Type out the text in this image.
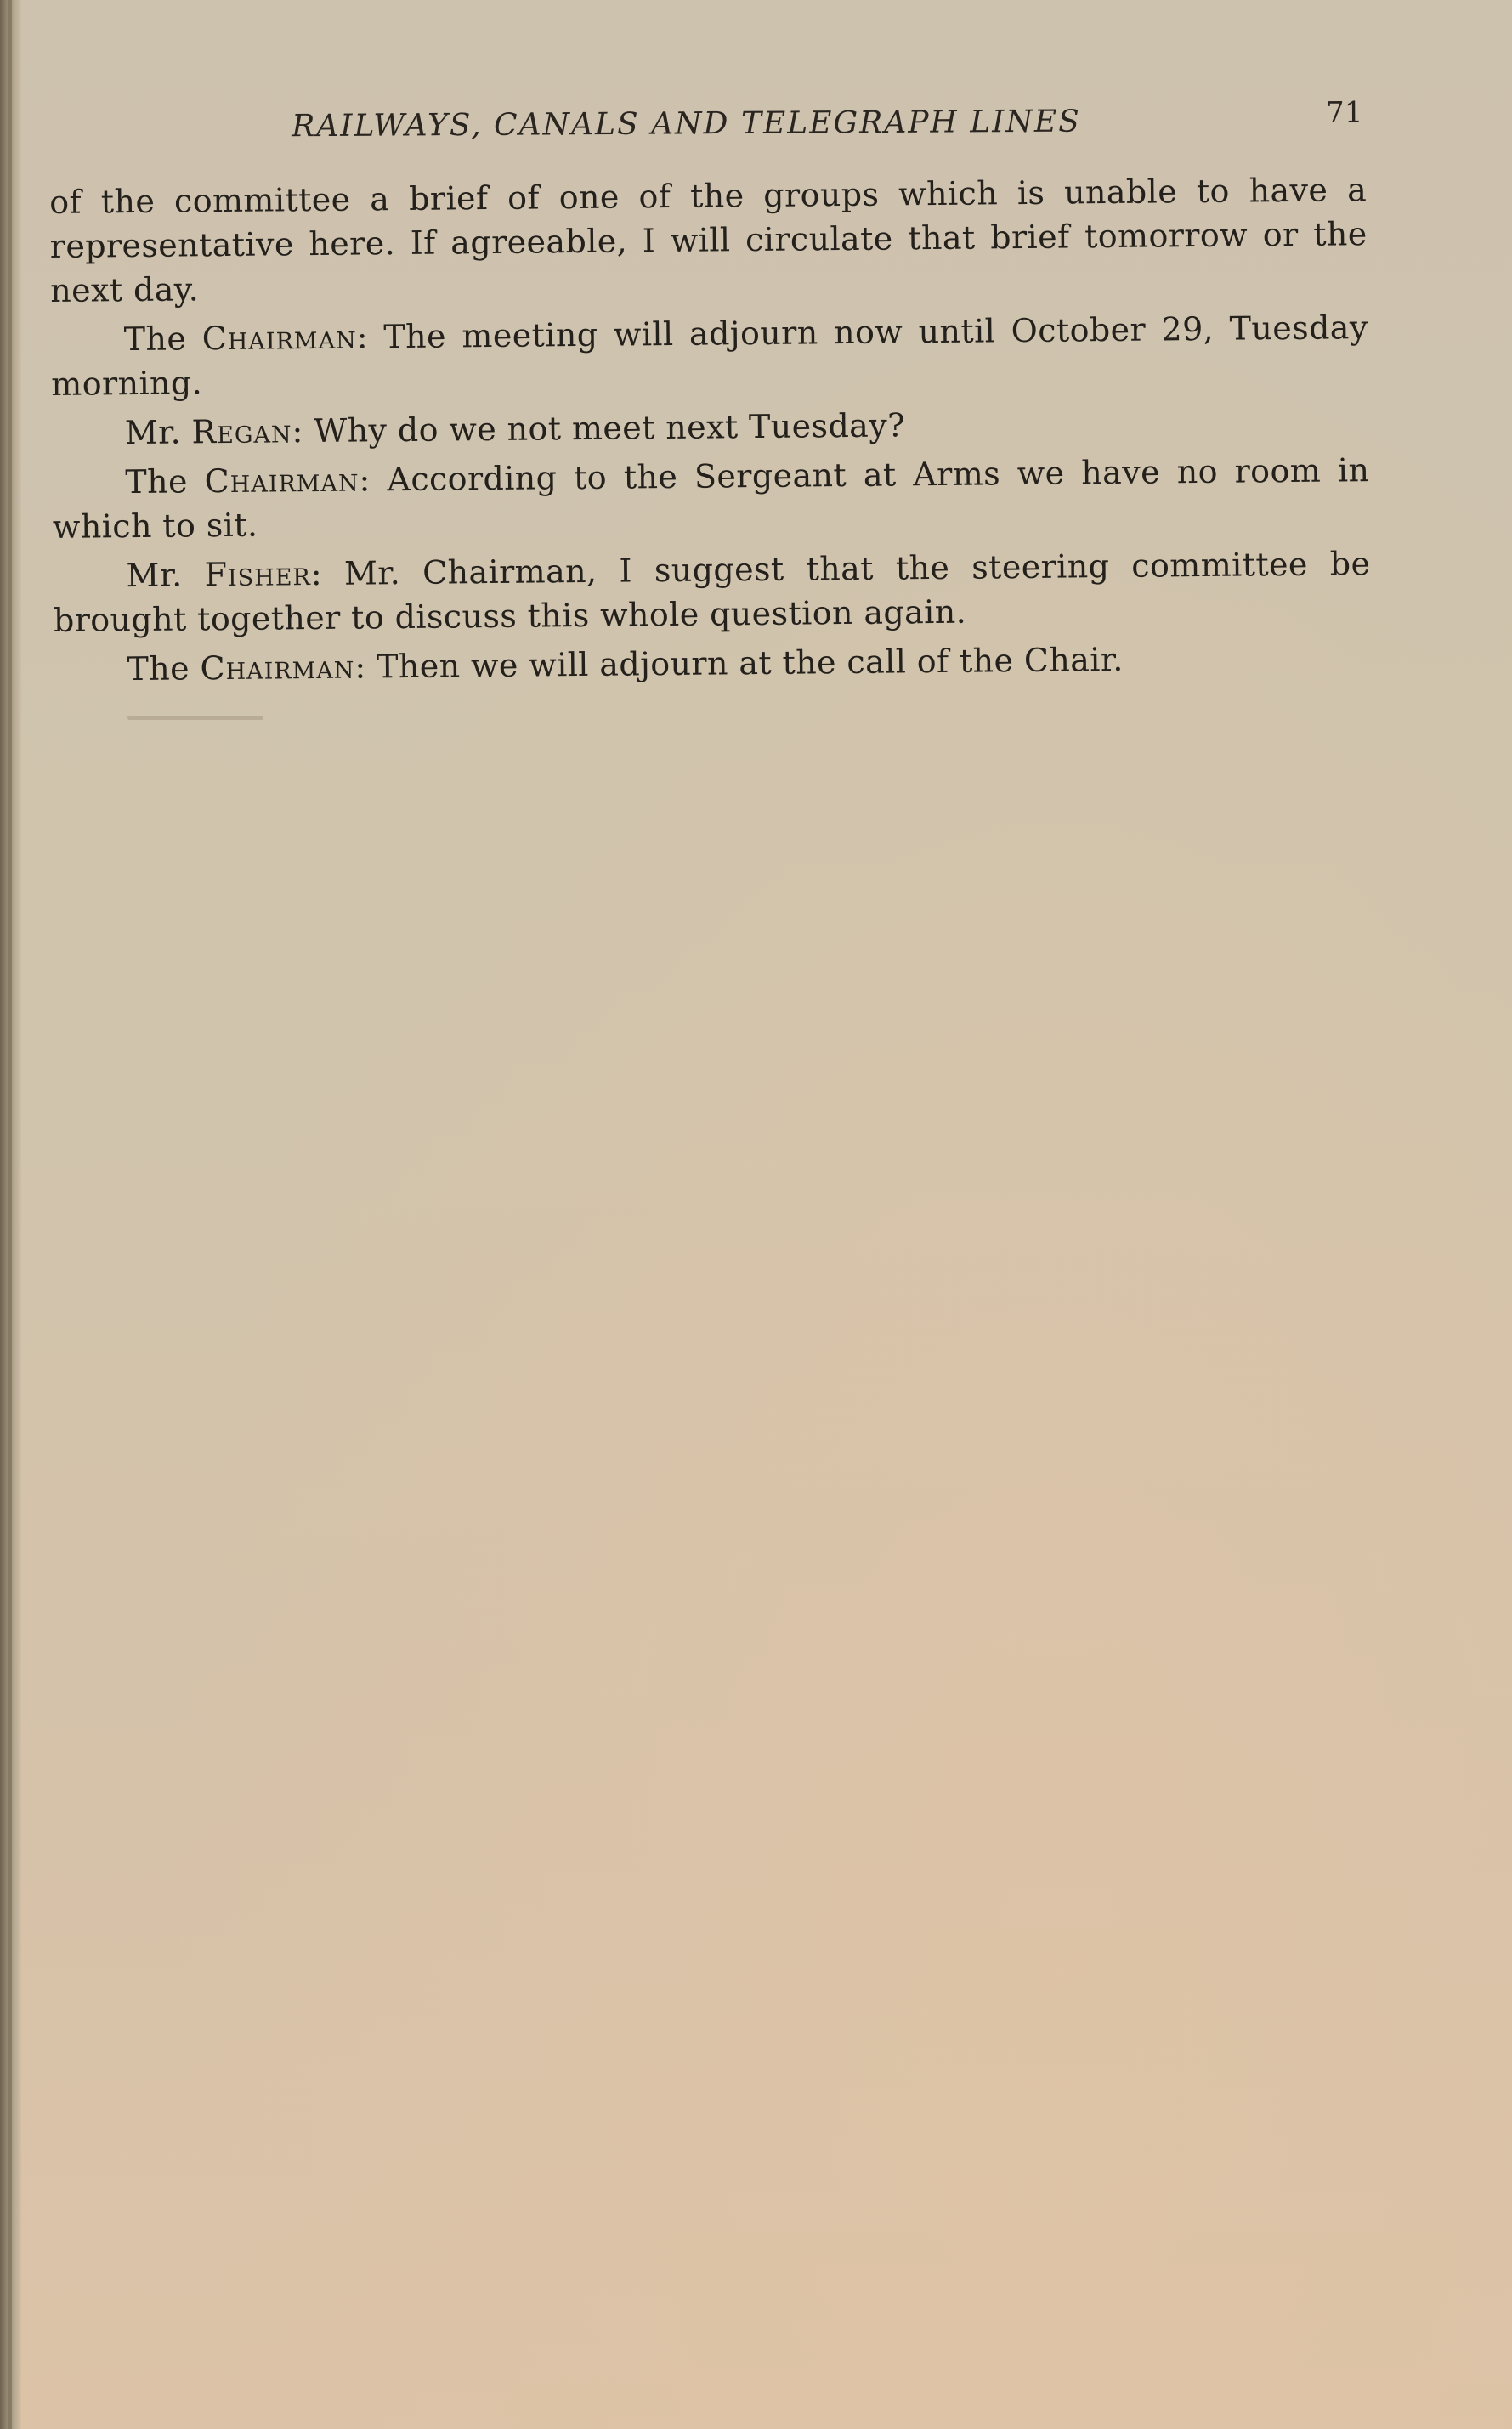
RAILWAYS, CANALS AND TELEGRAPH LINES	71

of the committee a brief of one of the groups which is unable to have a representative here. If agreeable, I will circulate that brief tomorrow or the next day.

The Chairman: The meeting will adjourn now until October 29, Tuesday morning.

Mr. Regan: Why do we not meet next Tuesday?

The Chairman: According to the Sergeant at Arms we have no room in which to sit.

Mr. Fisher: Mr. Chairman, I suggest that the steering committee be brought together to discuss this whole question again.

The Chairman: Then we will adjourn at the call of the Chair.
